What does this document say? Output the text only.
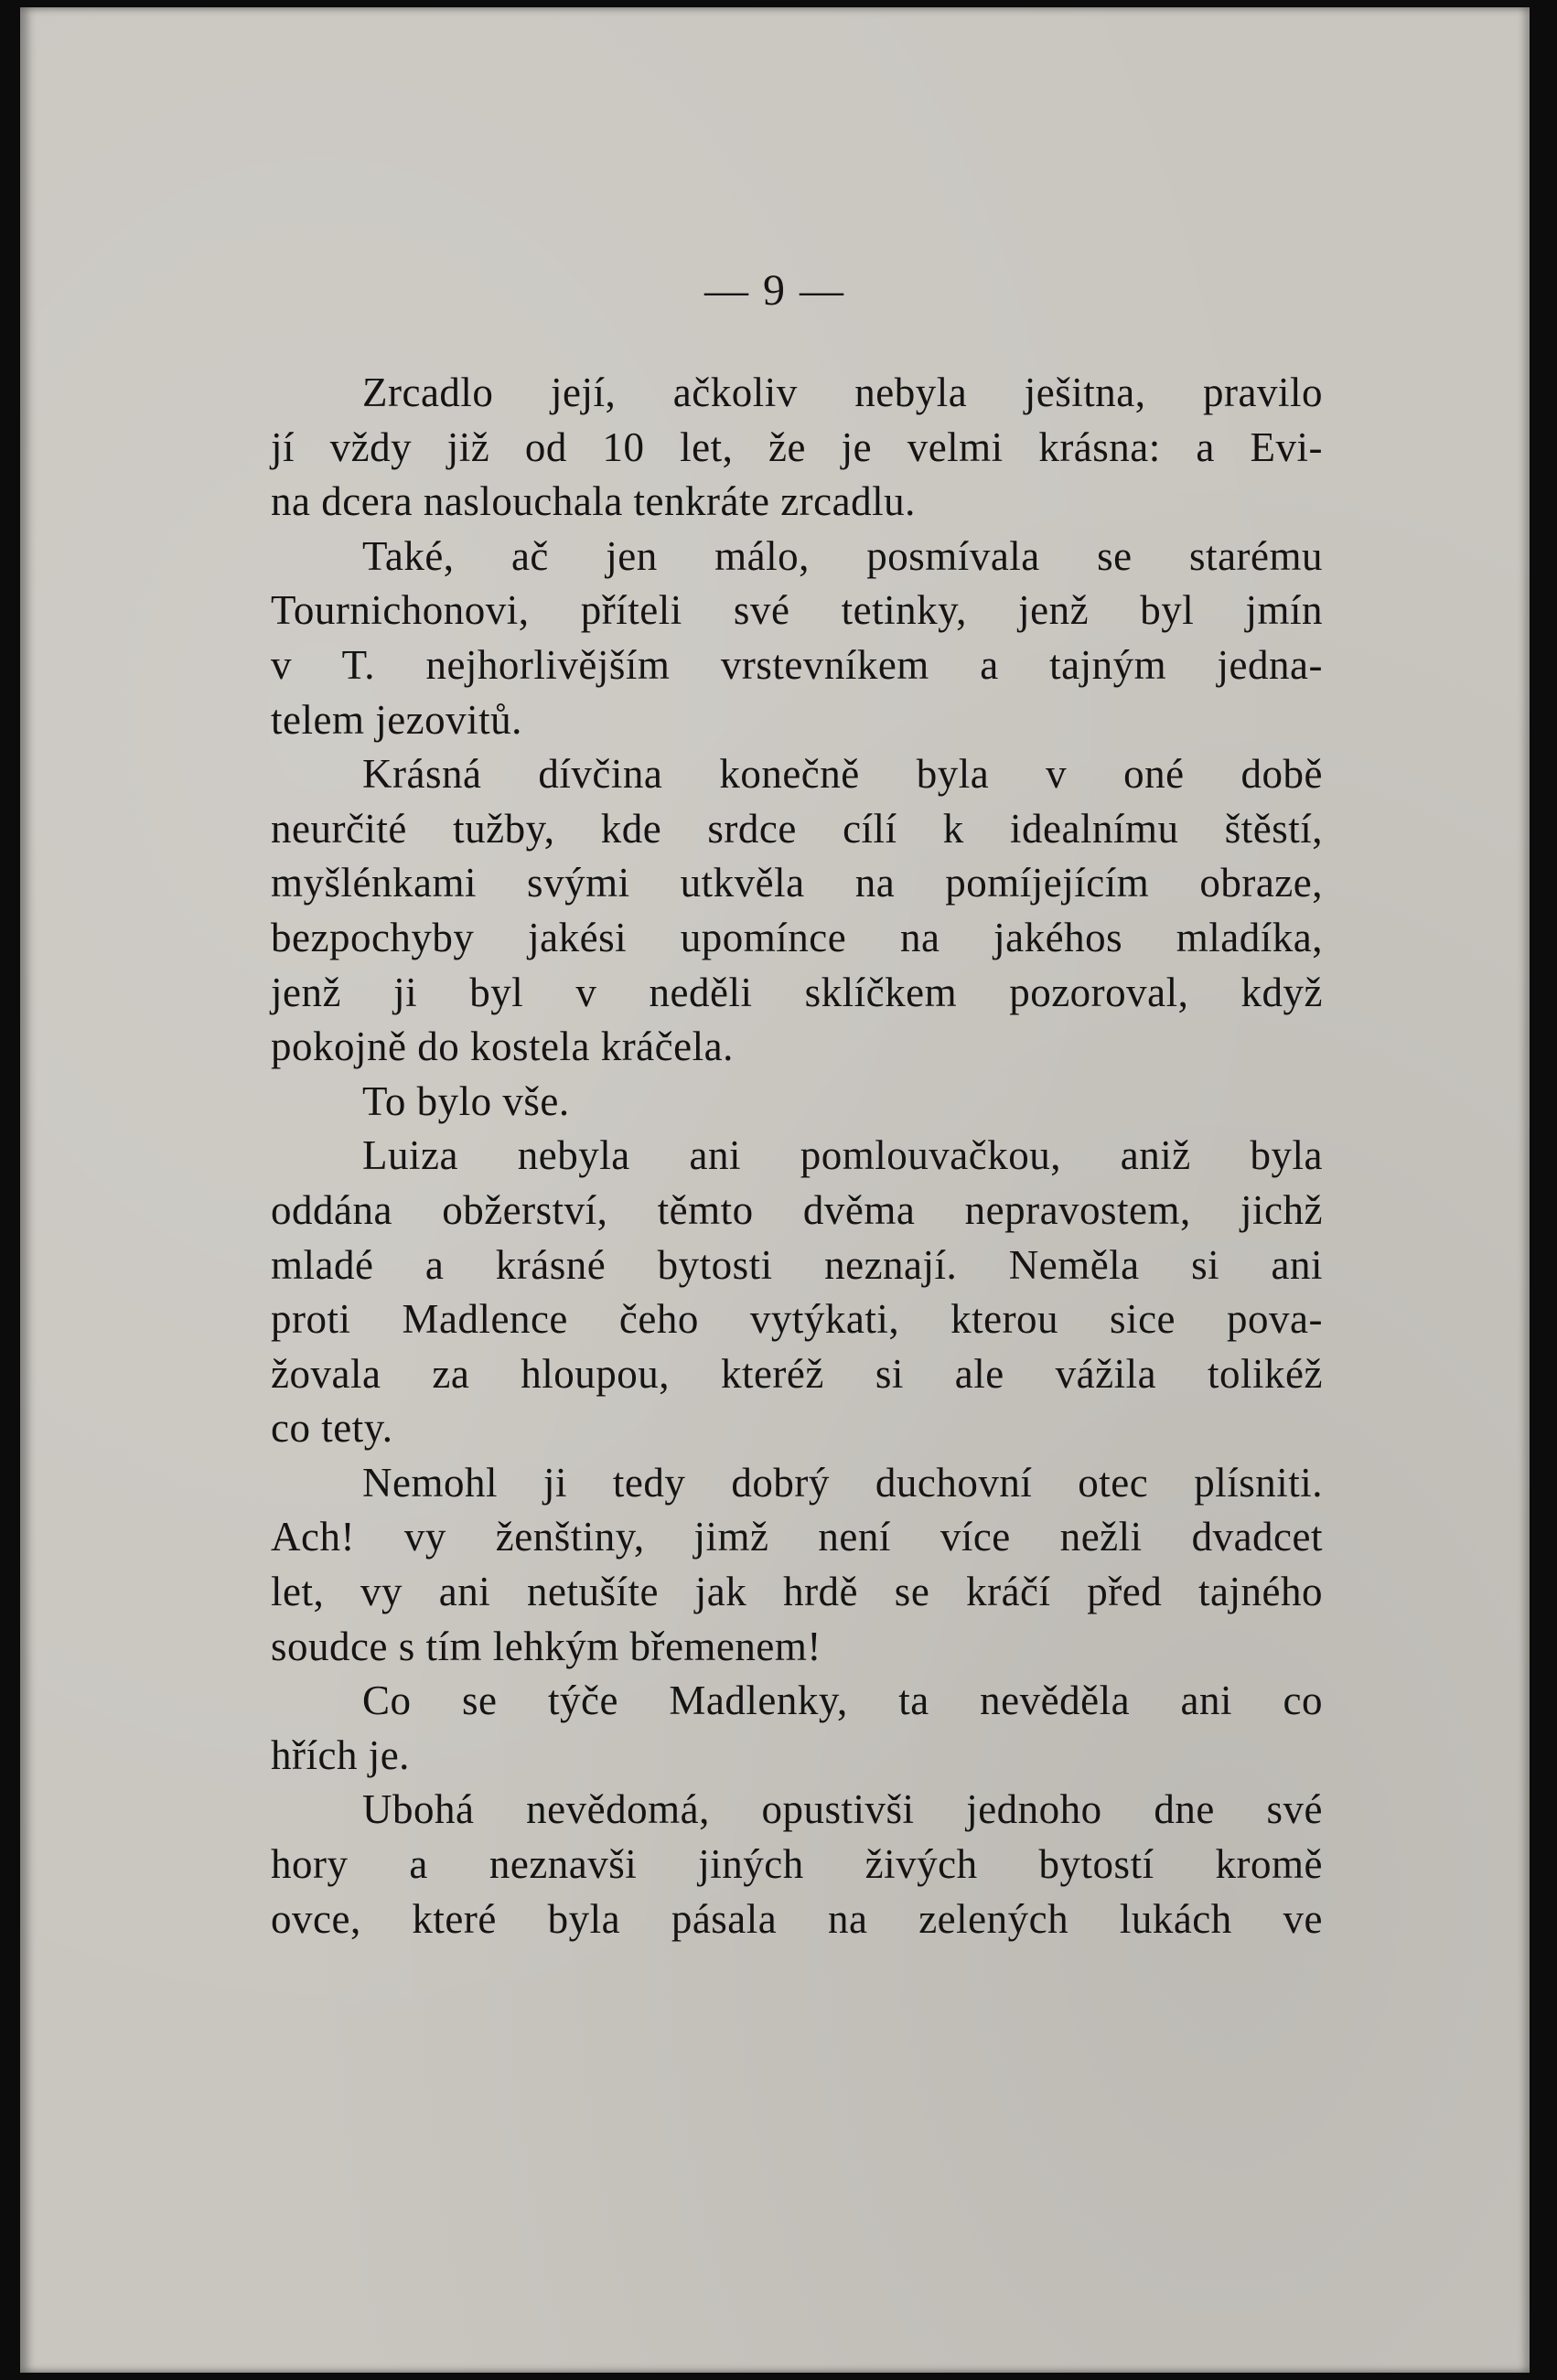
— 9 —
Zrcadlo její, ačkoliv nebyla ješitna, pravilo
jí vždy již od 10 let, že je velmi krásna: a Evi-
na dcera naslouchala tenkráte zrcadlu.
Také, ač jen málo, posmívala se starému
Tournichonovi, příteli své tetinky, jenž byl jmín
v T. nejhorlivějším vrstevníkem a tajným jedna-
telem jezovitů.
Krásná dívčina konečně byla v oné době
neurčité tužby, kde srdce cílí k idealnímu štěstí,
myšlénkami svými utkvěla na pomíjejícím obraze,
bezpochyby jakési upomínce na jakéhos mladíka,
jenž ji byl v neděli sklíčkem pozoroval, když
pokojně do kostela kráčela.
To bylo vše.
Luiza nebyla ani pomlouvačkou, aniž byla
oddána obžerství, těmto dvěma nepravostem, jichž
mladé a krásné bytosti neznají. Neměla si ani
proti Madlence čeho vytýkati, kterou sice pova-
žovala za hloupou, kteréž si ale vážila tolikéž
co tety.
Nemohl ji tedy dobrý duchovní otec plísniti.
Ach! vy ženštiny, jimž není více nežli dvadcet
let, vy ani netušíte jak hrdě se kráčí před tajného
soudce s tím lehkým břemenem!
Co se týče Madlenky, ta nevěděla ani co
hřích je.
Ubohá nevědomá, opustivši jednoho dne své
hory a neznavši jiných živých bytostí kromě
ovce, které byla pásala na zelených lukách ve
